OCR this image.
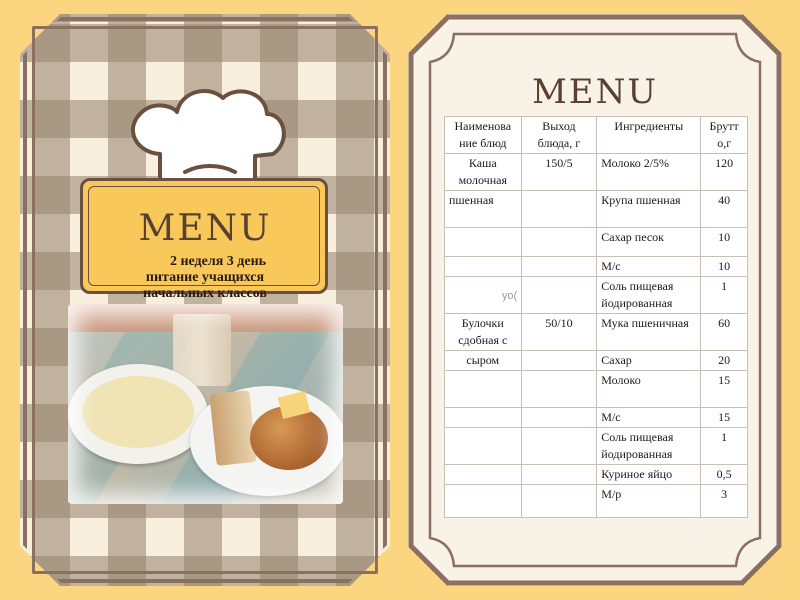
MENU
2 неделя 3 день
питание учащихся
начальных классов
MENU
Наименова ние блюд	Выход блюда, г	Ингредиенты	Брутт о,г
Каша молочная	150/5	Молоко 2/5%	120
пшенная		Крупа пшенная	40
		Сахар песок	10
		М/с	10
		Соль пищевая йодированная	1
Булочки сдобная с	50/10	Мука пшеничная	60
сыром		Сахар	20
		Молоко	15
		М/с	15
		Соль пищевая йодированная	1
		Куриное яйцо	0,5
		М/р	3
уо(
